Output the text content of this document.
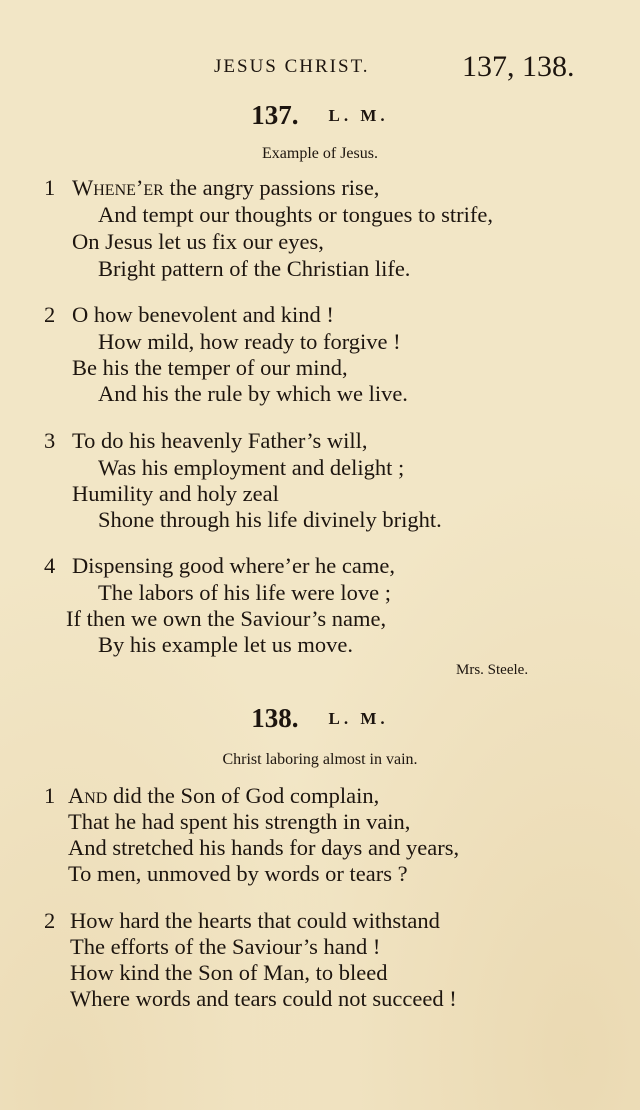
JESUS CHRIST.	137, 138.
137. L. M.
Example of Jesus.
1 Whene’er the angry passions rise,
And tempt our thoughts or tongues to strife,
On Jesus let us fix our eyes,
Bright pattern of the Christian life.
2 O how benevolent and kind !
How mild, how ready to forgive !
Be his the temper of our mind,
And his the rule by which we live.
3 To do his heavenly Father’s will,
Was his employment and delight ;
Humility and holy zeal
Shone through his life divinely bright.
4 Dispensing good where’er he came,
The labors of his life were love ;
If then we own the Saviour’s name,
By his example let us move.
Mrs. Steele.
138. L. M.
Christ laboring almost in vain.
1 And did the Son of God complain,
That he had spent his strength in vain,
And stretched his hands for days and years,
To men, unmoved by words or tears ?
2 How hard the hearts that could withstand
The efforts of the Saviour’s hand !
How kind the Son of Man, to bleed
Where words and tears could not succeed !
